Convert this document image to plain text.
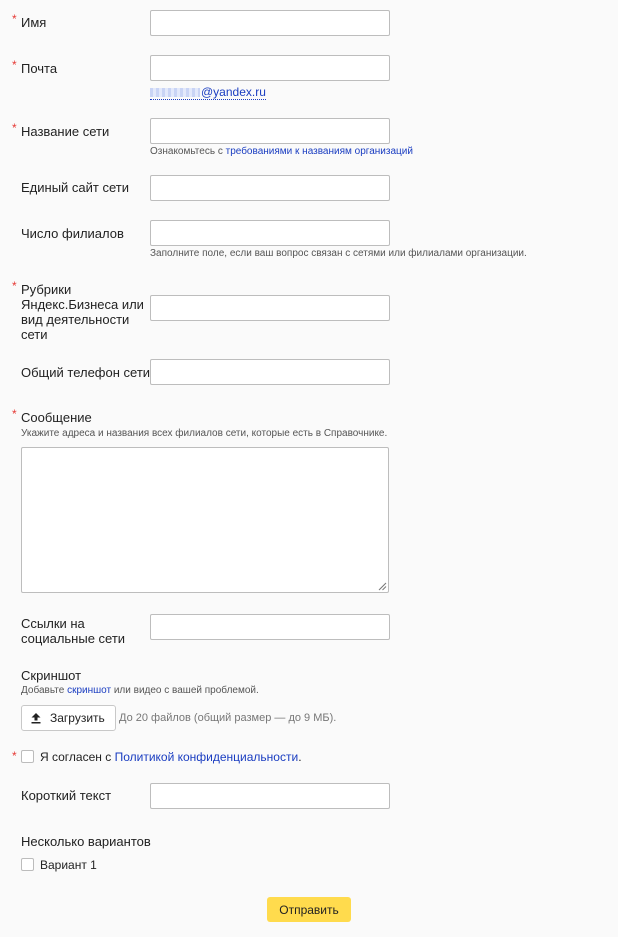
* Имя
* Почта
@yandex.ru
* Название сети
Ознакомьтесь с требованиями к названиям организаций
Единый сайт сети
Число филиалов
Заполните поле, если ваш вопрос связан с сетями или филиалами организации.
* Рубрики
Яндекс.Бизнеса или
вид деятельности
сети
Общий телефон сети
* Сообщение
Укажите адреса и названия всех филиалов сети, которые есть в Справочнике.
Ссылки на
социальные сети
Скриншот
Добавьте скриншот или видео с вашей проблемой.
Загрузить До 20 файлов (общий размер — до 9 МБ).
* Я согласен с Политикой конфиденциальности.
Короткий текст
Несколько вариантов
Вариант 1
Отправить
